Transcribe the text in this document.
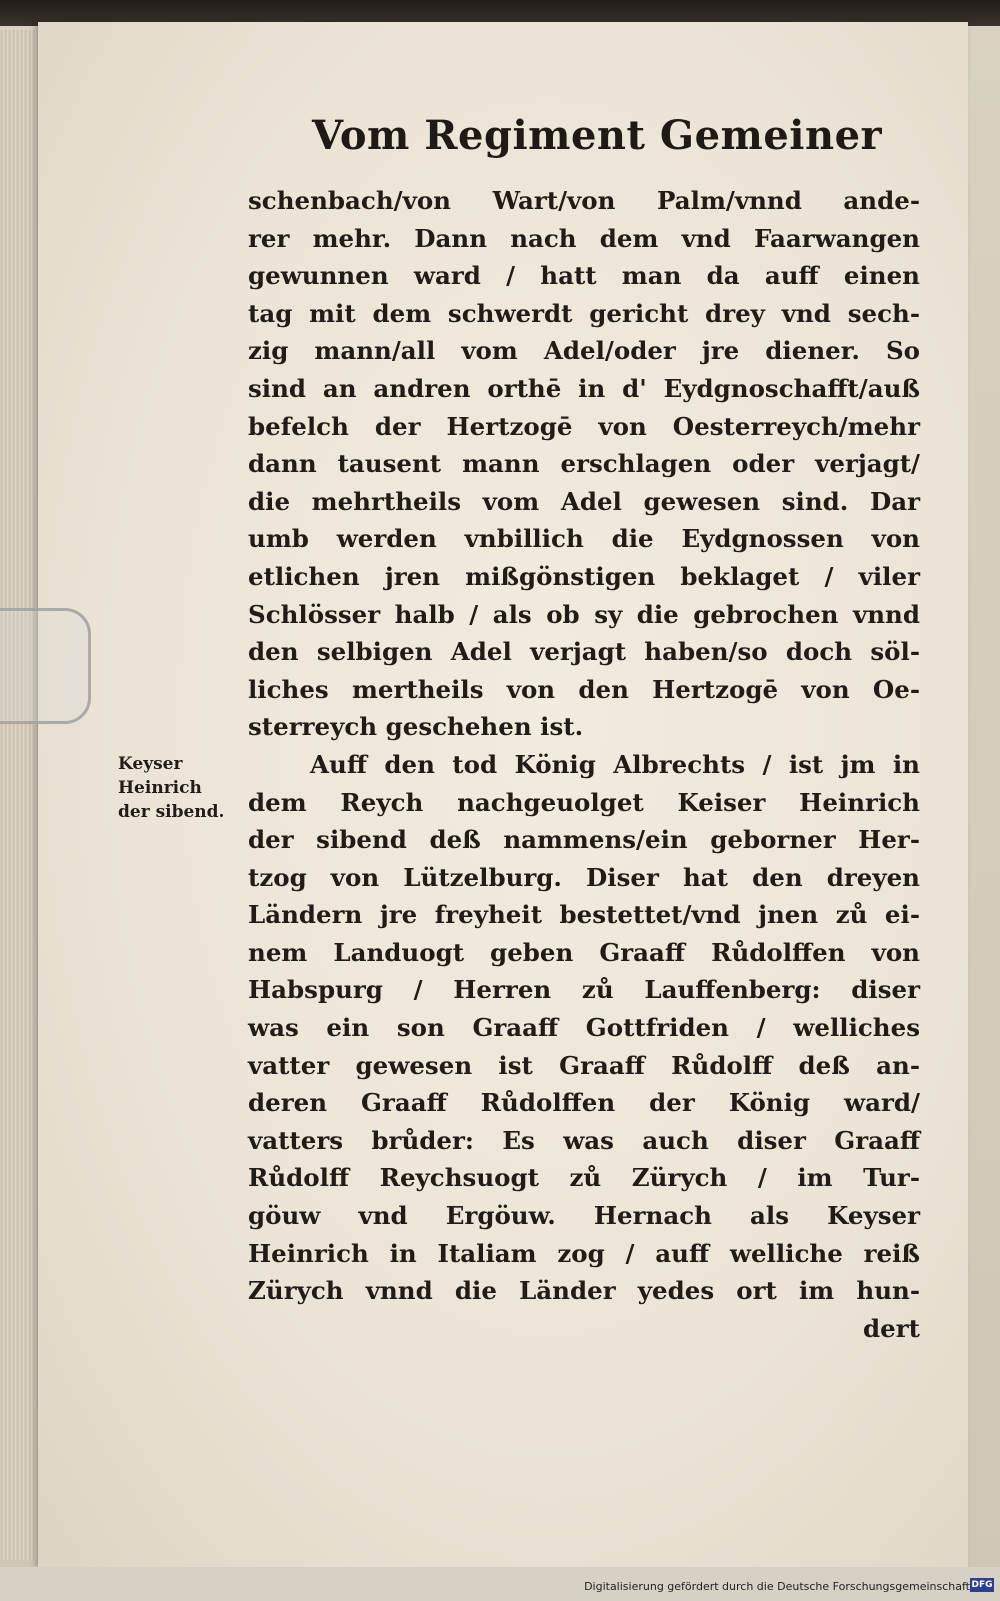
Vom Regiment Gemeiner
Keyser
Heinrich
der sibend.
schenbach/von Wart/von Palm/vnnd ande-
rer mehr. Dann nach dem vnd Faarwangen
gewunnen ward / hatt man da auff einen
tag mit dem schwerdt gericht drey vnd sech-
zig mann/all vom Adel/oder jre diener. So
sind an andren orthē in d' Eydgnoschafft/auß
befelch der Hertzogē von Oesterreych/mehr
dann tausent mann erschlagen oder verjagt/
die mehrtheils vom Adel gewesen sind. Dar
umb werden vnbillich die Eydgnossen von
etlichen jren mißgönstigen beklaget / viler
Schlösser halb / als ob sy die gebrochen vnnd
den selbigen Adel verjagt haben/so doch söl-
liches mertheils von den Hertzogē von Oe-
sterreych geschehen ist.
Auff den tod König Albrechts / ist jm in
dem Reych nachgeuolget Keiser Heinrich
der sibend deß nammens/ein geborner Her-
tzog von Lützelburg. Diser hat den dreyen
Ländern jre freyheit bestettet/vnd jnen zů ei-
nem Landuogt geben Graaff Růdolffen von
Habspurg / Herren zů Lauffenberg: diser
was ein son Graaff Gottfriden / welliches
vatter gewesen ist Graaff Růdolff deß an-
deren Graaff Růdolffen der König ward/
vatters brůder: Es was auch diser Graaff
Růdolff Reychsuogt zů Zürych / im Tur-
göuw vnd Ergöuw. Hernach als Keyser
Heinrich in Italiam zog / auff welliche reiß
Zürych vnnd die Länder yedes ort im hun-
dert
Digitalisierung gefördert durch die Deutsche Forschungsgemeinschaft DFG
